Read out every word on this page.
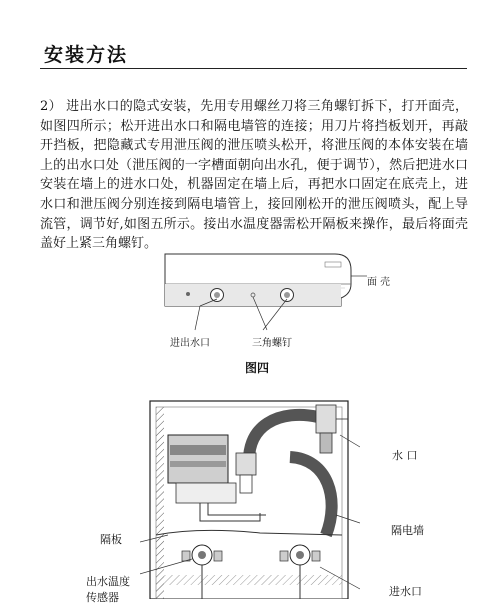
安装方法
2） 进出水口的隐式安装，先用专用螺丝刀将三角螺钉拆下，打开面壳，如图四所示；松开进出水口和隔电墙管的连接；用刀片将挡板划开，再敲开挡板，把隐藏式专用泄压阀的泄压喷头松开，将泄压阀的本体安装在墙上的出水口处（泄压阀的一字槽面朝向出水孔，便于调节），然后把进水口安装在墙上的进水口处，机器固定在墙上后，再把水口固定在底壳上，进水口和泄压阀分别连接到隔电墙管上，接回刚松开的泄压阀喷头，配上导流管，调节好,如图五所示。接出水温度器需松开隔板来操作，最后将面壳盖好上紧三角螺钉。
面 壳
进出水口	三角螺钉
图四
水 口
隔电墙
隔板
出水温度
传感器	进水口
